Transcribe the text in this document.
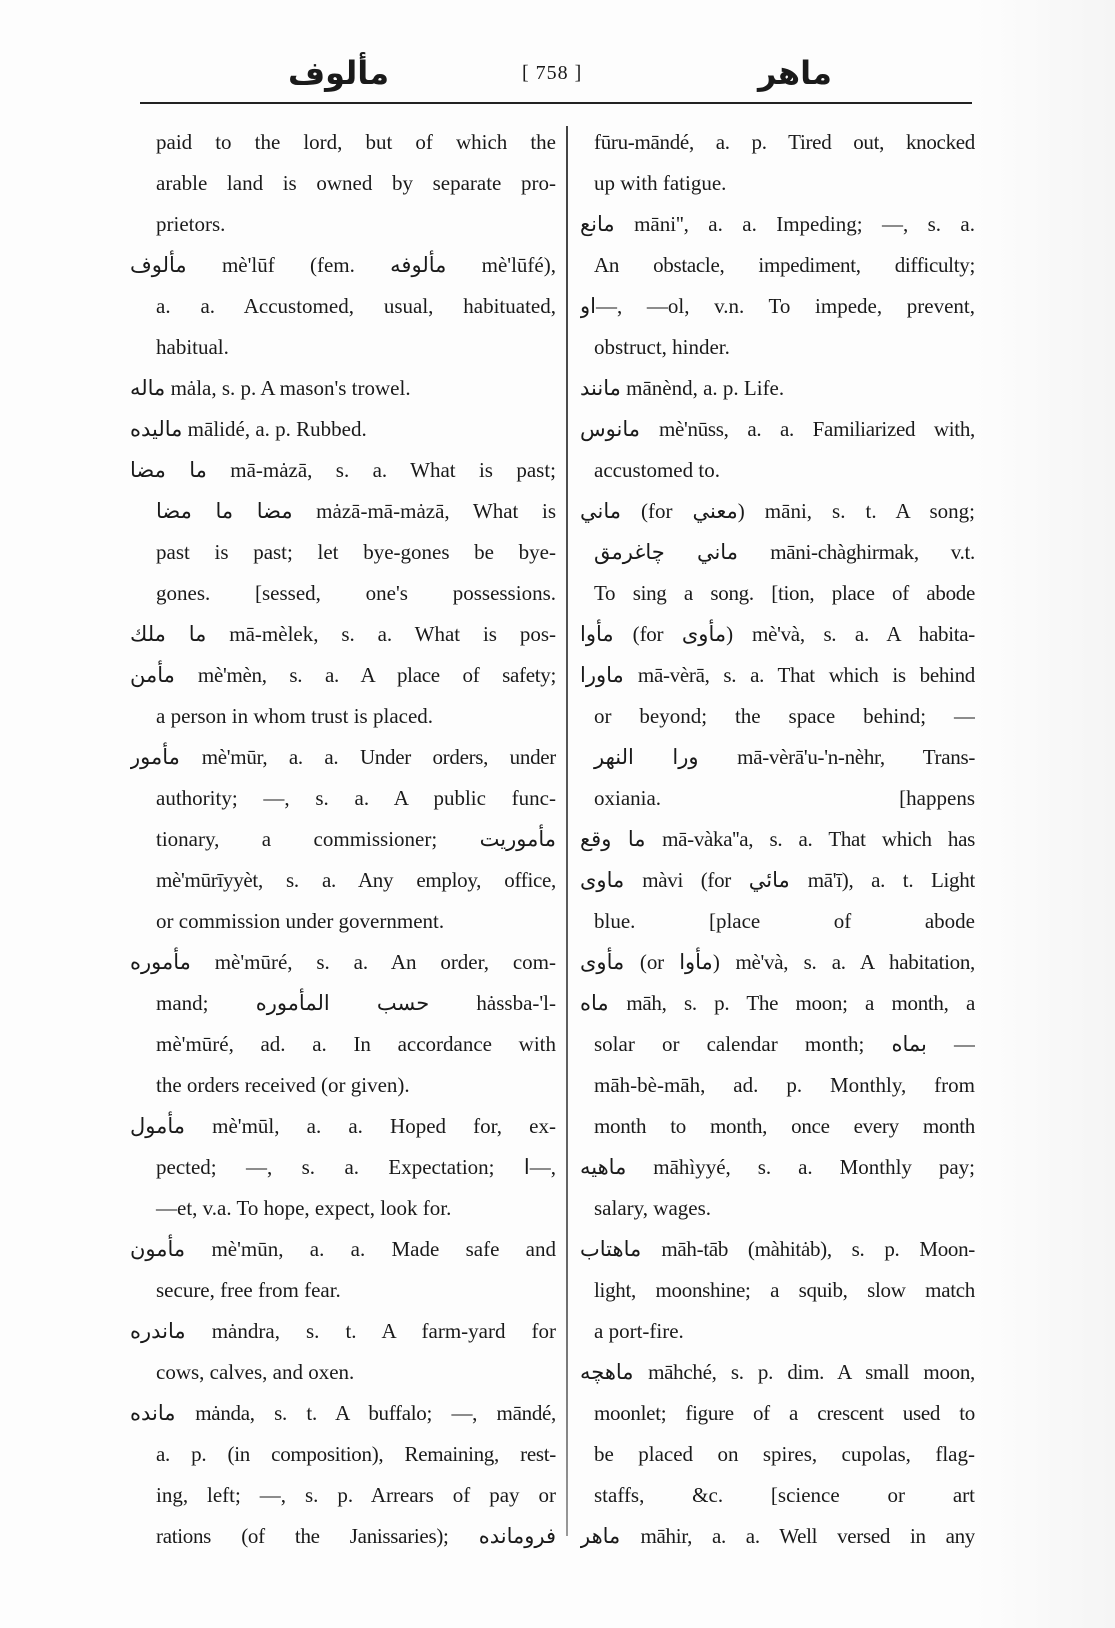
مألوف	[ 758 ]	ماهر
paid to the lord, but of which the
arable land is owned by separate pro-
prietors.
مألوف mè'lūf (fem. مألوفه mè'lūfé),
a. a. Accustomed, usual, habituated,
habitual.
ماله mȧla, s. p. A mason's trowel.
ماليده mālidé, a. p. Rubbed.
ما مضا mā-mȧzā, s. a. What is past;
مضا ما مضا mȧzā-mā-mȧzā, What is
past is past; let bye-gones be bye-
gones. [sessed, one's possessions.
ما ملك mā-mèlek, s. a. What is pos-
مأمن mè'mèn, s. a. A place of safety;
a person in whom trust is placed.
مأمور mè'mūr, a. a. Under orders, under
authority; —, s. a. A public func-
tionary, a commissioner; مأموريت
mè'mūrīyyèt, s. a. Any employ, office,
or commission under government.
مأموره mè'mūré, s. a. An order, com-
mand; حسب المأموره hȧssba-'l-
mè'mūré, ad. a. In accordance with
the orders received (or given).
مأمول mè'mūl, a. a. Hoped for, ex-
pected; —, s. a. Expectation; ا—,
—et, v.a. To hope, expect, look for.
مأمون mè'mūn, a. a. Made safe and
secure, free from fear.
ماندره mȧndra, s. t. A farm-yard for
cows, calves, and oxen.
مانده mȧnda, s. t. A buffalo; —, māndé,
a. p. (in composition), Remaining, rest-
ing, left; —, s. p. Arrears of pay or
rations (of the Janissaries); فرومانده
fūru-māndé, a. p. Tired out, knocked
up with fatigue.
مانع māni'', a. a. Impeding; —, s. a.
An obstacle, impediment, difficulty;
او—, —ol, v.n. To impede, prevent,
obstruct, hinder.
مانند mānènd, a. p. Life.
مانوس mè'nūss, a. a. Familiarized with,
accustomed to.
ماني (for معني) māni, s. t. A song;
ماني چاغرمق māni-chàghirmak, v.t.
To sing a song. [tion, place of abode
مأوا (for مأوى) mè'và, s. a. A habita-
ماورا mā-vèrā, s. a. That which is behind
or beyond; the space behind; —
ورا النهر mā-vèrā'u-'n-nèhr, Trans-
oxiania. [happens
ما وقع mā-vàka''a, s. a. That which has
ماوى màvi (for مائي mā'ī), a. t. Light
blue. [place of abode
مأوى (or مأوا) mè'và, s. a. A habitation,
ماه māh, s. p. The moon; a month, a
solar or calendar month; بماه —
māh-bè-māh, ad. p. Monthly, from
month to month, once every month
ماهيه māhìyyé, s. a. Monthly pay;
salary, wages.
ماهتاب māh-tāb (màhitȧb), s. p. Moon-
light, moonshine; a squib, slow match
a port-fire.
ماهچه māhché, s. p. dim. A small moon,
moonlet; figure of a crescent used to
be placed on spires, cupolas, flag-
staffs, &c. [science or art
ماهر māhir, a. a. Well versed in any
